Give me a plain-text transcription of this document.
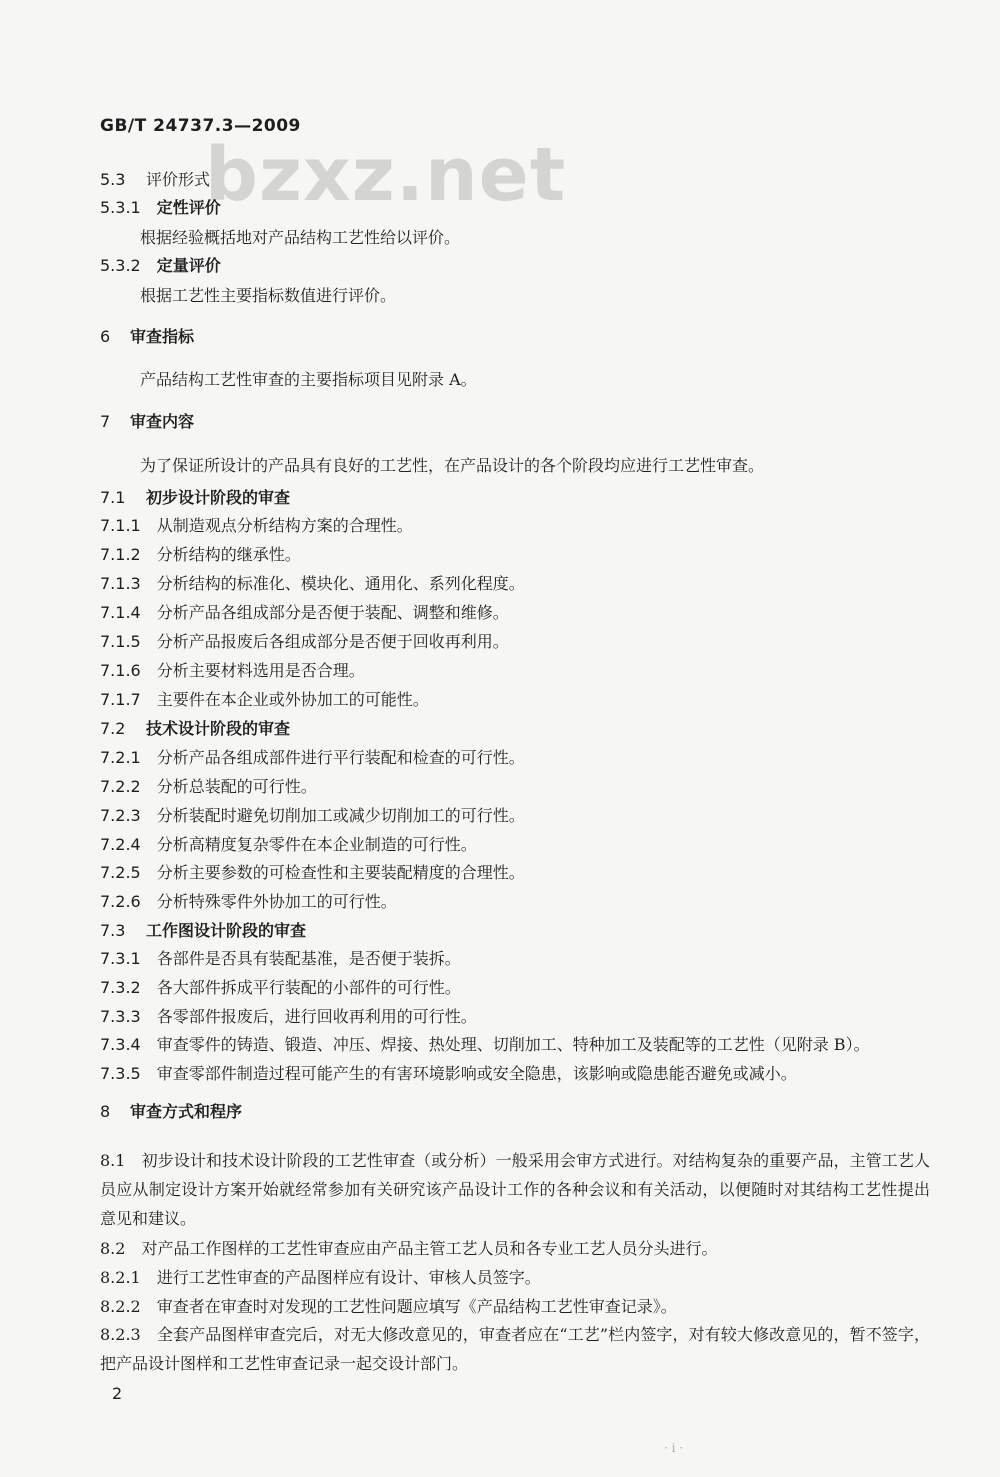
bzxz.net
GB/T 24737.3—2009
5.3 评价形式
5.3.1 定性评价
根据经验概括地对产品结构工艺性给以评价。
5.3.2 定量评价
根据工艺性主要指标数值进行评价。
6 审查指标
产品结构工艺性审查的主要指标项目见附录 A。
7 审查内容
为了保证所设计的产品具有良好的工艺性，在产品设计的各个阶段均应进行工艺性审查。
7.1 初步设计阶段的审查
7.1.1 从制造观点分析结构方案的合理性。
7.1.2 分析结构的继承性。
7.1.3 分析结构的标准化、模块化、通用化、系列化程度。
7.1.4 分析产品各组成部分是否便于装配、调整和维修。
7.1.5 分析产品报废后各组成部分是否便于回收再利用。
7.1.6 分析主要材料选用是否合理。
7.1.7 主要件在本企业或外协加工的可能性。
7.2 技术设计阶段的审查
7.2.1 分析产品各组成部件进行平行装配和检查的可行性。
7.2.2 分析总装配的可行性。
7.2.3 分析装配时避免切削加工或减少切削加工的可行性。
7.2.4 分析高精度复杂零件在本企业制造的可行性。
7.2.5 分析主要参数的可检查性和主要装配精度的合理性。
7.2.6 分析特殊零件外协加工的可行性。
7.3 工作图设计阶段的审查
7.3.1 各部件是否具有装配基准，是否便于装拆。
7.3.2 各大部件拆成平行装配的小部件的可行性。
7.3.3 各零部件报废后，进行回收再利用的可行性。
7.3.4 审查零件的铸造、锻造、冲压、焊接、热处理、切削加工、特种加工及装配等的工艺性（见附录 B）。
7.3.5 审查零部件制造过程可能产生的有害环境影响或安全隐患，该影响或隐患能否避免或减小。
8 审查方式和程序
8.1　初步设计和技术设计阶段的工艺性审查（或分析）一般采用会审方式进行。对结构复杂的重要产品，主管工艺人员应从制定设计方案开始就经常参加有关研究该产品设计工作的各种会议和有关活动，以便随时对其结构工艺性提出意见和建议。
8.2　对产品工作图样的工艺性审查应由产品主管工艺人员和各专业工艺人员分头进行。
8.2.1　进行工艺性审查的产品图样应有设计、审核人员签字。
8.2.2　审查者在审查时对发现的工艺性问题应填写《产品结构工艺性审查记录》。
8.2.3　全套产品图样审查完后，对无大修改意见的，审查者应在“工艺”栏内签字，对有较大修改意见的，暂不签字，把产品设计图样和工艺性审查记录一起交设计部门。
2
· i ·
